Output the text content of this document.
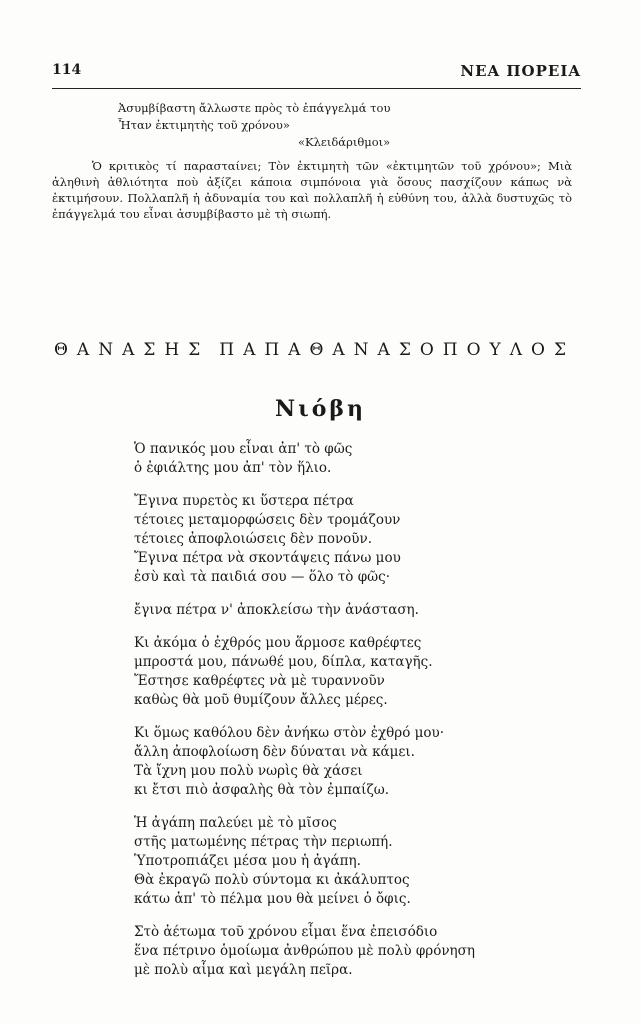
114	ΝΕΑ ΠΟΡΕΙΑ
Ἀσυμβίβαστη ἄλλωστε πρὸς τὸ ἐπάγγελμά του
Ἦταν ἐκτιμητὴς τοῦ χρόνου»
«Κλειδάριθμοι»

Ὁ κριτικὸς τί παρασταίνει; Τὸν ἐκτιμητὴ τῶν «ἐκτιμητῶν τοῦ χρόνου»; Μιὰ ἀληθινὴ ἀθλιότητα ποὺ ἀξίζει κάποια σιμπόνοια γιὰ ὅσους πασχίζουν κάπως νὰ ἐκτιμήσουν. Πολλαπλῆ ἡ ἀδυναμία του καὶ πολλαπλῆ ἡ εὐθύνη του, ἀλλὰ δυστυχῶς τὸ ἐπάγγελμά του εἶναι ἀσυμβίβαστο μὲ τὴ σιωπή.

ΘΑΝΑΣΗΣ ΠΑΠΑΘΑΝΑΣΟΠΟΥΛΟΣ
Νιόβη
Ὁ πανικός μου εἶναι ἀπ' τὸ φῶς
ὁ ἐφιάλτης μου ἀπ' τὸν ἥλιο.
Ἔγινα πυρετὸς κι ὕστερα πέτρα
τέτοιες μεταμορφώσεις δὲν τρομάζουν
τέτοιες ἀποφλοιώσεις δὲν πονοῦν.
Ἔγινα πέτρα νὰ σκοντάψεις πάνω μου
ἐσὺ καὶ τὰ παιδιά σου — ὅλο τὸ φῶς·
ἔγινα πέτρα ν' ἀποκλείσω τὴν ἀνάσταση.
Κι ἀκόμα ὁ ἐχθρός μου ἅρμοσε καθρέφτες
μπροστά μου, πάνωθέ μου, δίπλα, καταγῆς.
Ἔστησε καθρέφτες νὰ μὲ τυραννοῦν
καθὼς θὰ μοῦ θυμίζουν ἄλλες μέρες.
Κι ὅμως καθόλου δὲν ἀνήκω στὸν ἐχθρό μου·
ἄλλη ἀποφλοίωση δὲν δύναται νὰ κάμει.
Τὰ ἴχνη μου πολὺ νωρὶς θὰ χάσει
κι ἔτσι πιὸ ἀσφαλὴς θὰ τὸν ἐμπαίζω.
Ἡ ἀγάπη παλεύει μὲ τὸ μῖσος
στῆς ματωμένης πέτρας τὴν περιωπή.
Ὑποτροπιάζει μέσα μου ἡ ἀγάπη.
Θὰ ἐκραγῶ πολὺ σύντομα κι ἀκάλυπτος
κάτω ἀπ' τὸ πέλμα μου θὰ μείνει ὁ ὄφις.
Στὸ ἀέτωμα τοῦ χρόνου εἶμαι ἕνα ἐπεισόδιο
ἕνα πέτρινο ὁμοίωμα ἀνθρώπου μὲ πολὺ φρόνηση
μὲ πολὺ αἷμα καὶ μεγάλη πεῖρα.
